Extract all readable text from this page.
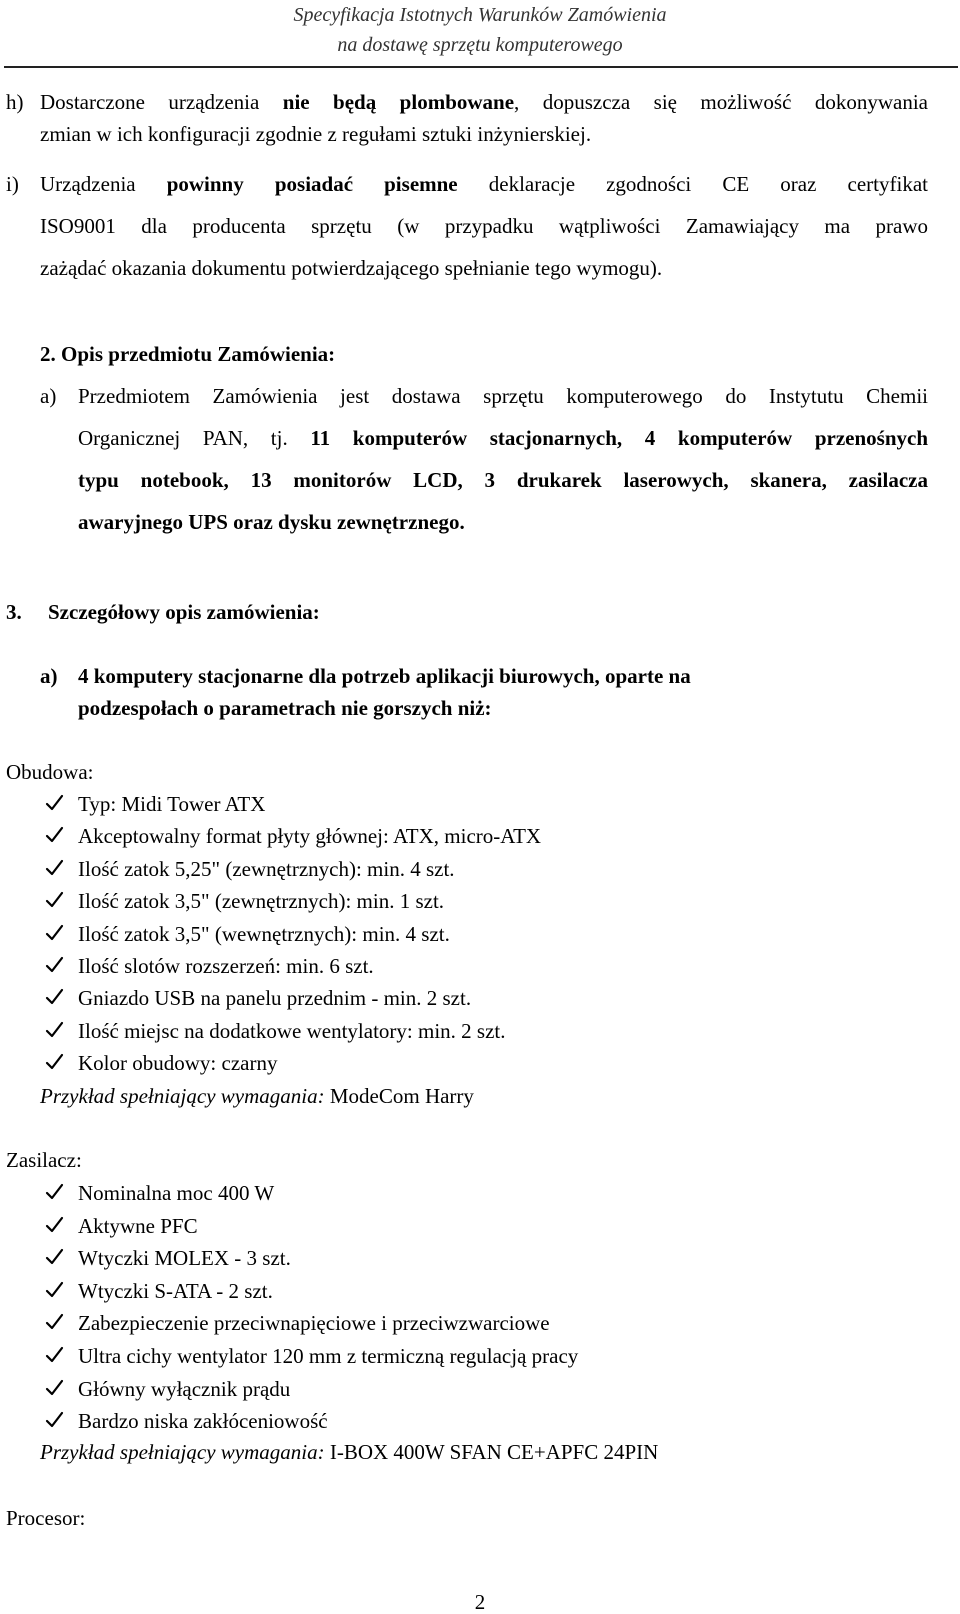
Specyfikacja Istotnych Warunków Zamówienia
na dostawę sprzętu komputerowego
h) Dostarczone urządzenia nie będą plombowane, dopuszcza się możliwość dokonywania
zmian w ich konfiguracji zgodnie z regułami sztuki inżynierskiej.
i) Urządzenia powinny posiadać pisemne deklaracje zgodności CE oraz certyfikat
ISO9001 dla producenta sprzętu (w przypadku wątpliwości Zamawiający ma prawo
zażądać okazania dokumentu potwierdzającego spełnianie tego wymogu).
2. Opis przedmiotu Zamówienia:
a) Przedmiotem Zamówienia jest dostawa sprzętu komputerowego do Instytutu Chemii
Organicznej PAN, tj. 11 komputerów stacjonarnych, 4 komputerów przenośnych
typu notebook, 13 monitorów LCD, 3 drukarek laserowych, skanera, zasilacza
awaryjnego UPS oraz dysku zewnętrznego.
3. Szczegółowy opis zamówienia:
a) 4 komputery stacjonarne dla potrzeb aplikacji biurowych, oparte na
podzespołach o parametrach nie gorszych niż:
Obudowa:
Typ: Midi Tower ATX
Akceptowalny format płyty głównej: ATX, micro-ATX
Ilość zatok 5,25" (zewnętrznych): min. 4 szt.
Ilość zatok 3,5" (zewnętrznych): min. 1 szt.
Ilość zatok 3,5" (wewnętrznych): min. 4 szt.
Ilość slotów rozszerzeń: min. 6 szt.
Gniazdo USB na panelu przednim - min. 2 szt.
Ilość miejsc na dodatkowe wentylatory: min. 2 szt.
Kolor obudowy: czarny
Przykład spełniający wymagania: ModeCom Harry
Zasilacz:
Nominalna moc 400 W
Aktywne PFC
Wtyczki MOLEX - 3 szt.
Wtyczki S-ATA - 2 szt.
Zabezpieczenie przeciwnapięciowe i przeciwzwarciowe
Ultra cichy wentylator 120 mm z termiczną regulacją pracy
Główny wyłącznik prądu
Bardzo niska zakłóceniowość
Przykład spełniający wymagania: I-BOX 400W SFAN CE+APFC 24PIN
Procesor:
2
